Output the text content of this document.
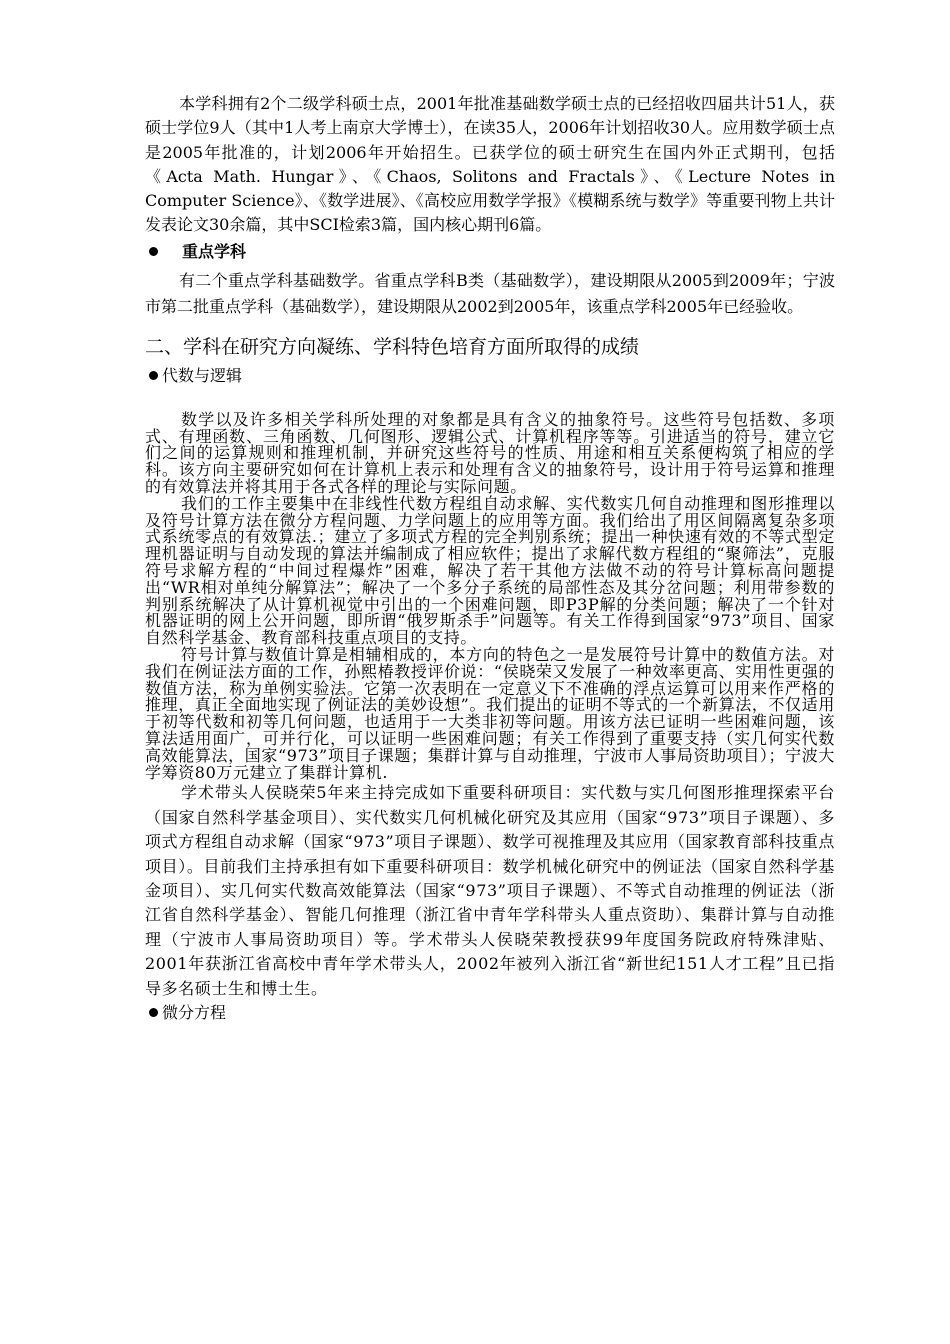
本学科拥有2个二级学科硕士点，2001年批准基础数学硕士点的已经招收四届共计51人，获硕士学位9人（其中1人考上南京大学博士），在读35人，2006年计划招收30人。应用数学硕士点是2005年批准的，计划2006年开始招生。已获学位的硕士研究生在国内外正式期刊，包括《Acta Math. Hungar》、《Chaos, Solitons and Fractals》、《Lecture Notes in Computer Science》、《数学进展》、《高校应用数学学报》《模糊系统与数学》等重要刊物上共计发表论文30余篇，其中SCI检索3篇，国内核心期刊6篇。

重点学科

有二个重点学科基础数学。省重点学科B类（基础数学），建设期限从2005到2009年；宁波市第二批重点学科（基础数学），建设期限从2002到2005年，该重点学科2005年已经验收。

二、学科在研究方向凝练、学科特色培育方面所取得的成绩
代数与逻辑

数学以及许多相关学科所处理的对象都是具有含义的抽象符号。这些符号包括数、多项式、有理函数、三角函数、几何图形、逻辑公式、计算机程序等等。引进适当的符号，建立它们之间的运算规则和推理机制，并研究这些符号的性质、用途和相互关系便构筑了相应的学科。该方向主要研究如何在计算机上表示和处理有含义的抽象符号，设计用于符号运算和推理的有效算法并将其用于各式各样的理论与实际问题。

我们的工作主要集中在非线性代数方程组自动求解、实代数实几何自动推理和图形推理以及符号计算方法在微分方程问题、力学问题上的应用等方面。我们给出了用区间隔离复杂多项式系统零点的有效算法.；建立了多项式方程的完全判别系统；提出一种快速有效的不等式型定理机器证明与自动发现的算法并编制成了相应软件；提出了求解代数方程组的“聚筛法”，克服符号求解方程的“中间过程爆炸”困难，解决了若干其他方法做不动的符号计算标高问题提出“WR相对单纯分解算法”；解决了一个多分子系统的局部性态及其分岔问题；利用带参数的判别系统解决了从计算机视觉中引出的一个困难问题，即P3P解的分类问题；解决了一个针对机器证明的网上公开问题，即所谓“俄罗斯杀手”问题等。有关工作得到国家“973”项目、国家自然科学基金、教育部科技重点项目的支持。

符号计算与数值计算是相辅相成的，本方向的特色之一是发展符号计算中的数值方法。对我们在例证法方面的工作，孙熙椿教授评价说：“侯晓荣又发展了一种效率更高、实用性更强的数值方法，称为单例实验法。它第一次表明在一定意义下不准确的浮点运算可以用来作严格的推理，真正全面地实现了例证法的美妙设想”。我们提出的证明不等式的一个新算法，不仅适用于初等代数和初等几何问题，也适用于一大类非初等问题。用该方法已证明一些困难问题，该算法适用面广，可并行化，可以证明一些困难问题；有关工作得到了重要支持（实几何实代数高效能算法，国家“973”项目子课题；集群计算与自动推理，宁波市人事局资助项目）；宁波大学筹资80万元建立了集群计算机.

学术带头人侯晓荣5年来主持完成如下重要科研项目：实代数与实几何图形推理探索平台（国家自然科学基金项目）、实代数实几何机械化研究及其应用（国家“973”项目子课题）、多项式方程组自动求解（国家“973”项目子课题）、数学可视推理及其应用（国家教育部科技重点项目）。目前我们主持承担有如下重要科研项目：数学机械化研究中的例证法（国家自然科学基金项目）、实几何实代数高效能算法（国家“973”项目子课题）、不等式自动推理的例证法（浙江省自然科学基金）、智能几何推理（浙江省中青年学科带头人重点资助）、集群计算与自动推理（宁波市人事局资助项目）等。学术带头人侯晓荣教授获99年度国务院政府特殊津贴、2001年获浙江省高校中青年学术带头人，2002年被列入浙江省“新世纪151人才工程”且已指导多名硕士生和博士生。

微分方程
